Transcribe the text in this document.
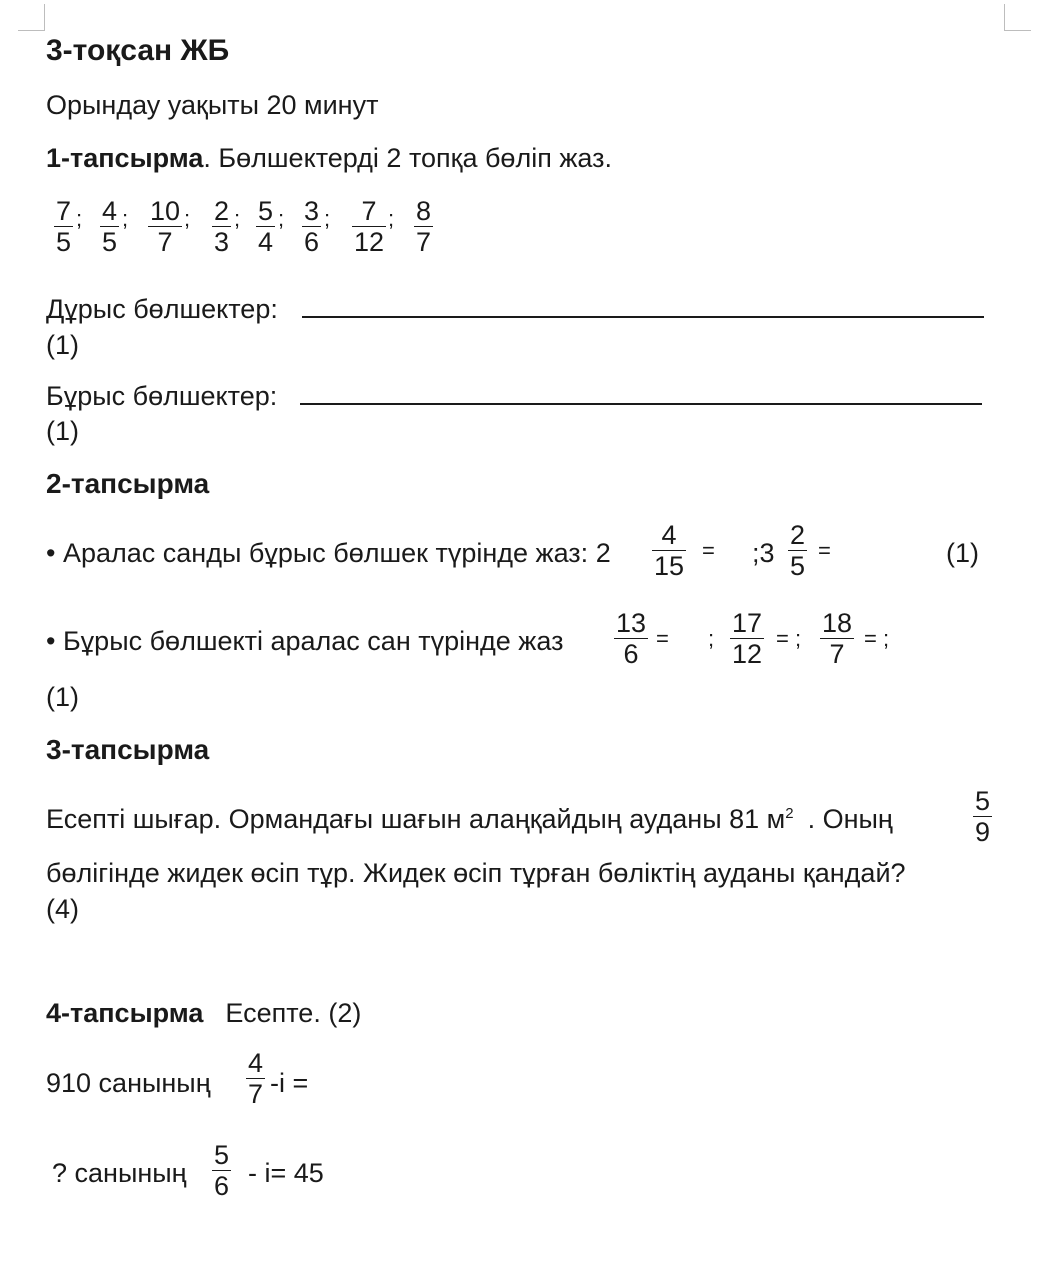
3-тоқсан ЖБ
Орындау уақыты 20 минут
1-тапсырма. Бөлшектерді 2 топқа бөліп жаз.
7
5
; 4
5
; 10
7
; 2
3
; 5
4
; 3
6
; 7
12
; 8
7
Дұрыс бөлшектер:
(1)
Бұрыс бөлшектер:
(1)
2-тапсырма
• Аралас санды бұрыс бөлшек түрінде жаз: 2
4
15
= ;3
2
5
=	(1)
• Бұрыс бөлшекті аралас сан түрінде жаз
13
6
= ;
17
12
= ;
18
7
= ;
(1)
3-тапсырма
Есепті шығар. Ормандағы шағын алаңқайдың ауданы 81 $м^2$ . Оның
5
9
бөлігінде жидек өсіп тұр. Жидек өсіп тұрған бөліктің ауданы қандай?
(4)
4-тапсырма Есепте. (2)
910 санының
4
7 -і =
? санының
5
6 - і= 45
